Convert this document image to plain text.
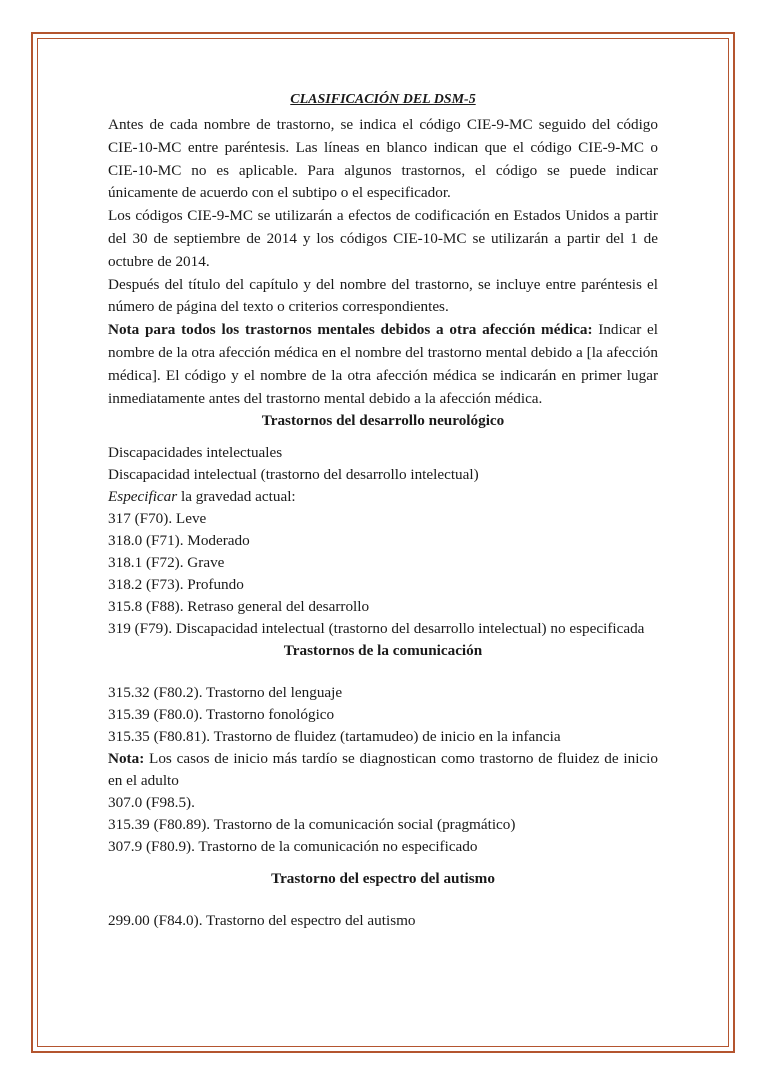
CLASIFICACIÓN DEL DSM-5

Antes de cada nombre de trastorno, se indica el código CIE-9-MC seguido del código CIE-10-MC entre paréntesis. Las líneas en blanco indican que el código CIE-9-MC o CIE-10-MC no es aplicable. Para algunos trastornos, el código se puede indicar únicamente de acuerdo con el subtipo o el especificador.

Los códigos CIE-9-MC se utilizarán a efectos de codificación en Estados Unidos a partir del 30 de septiembre de 2014 y los códigos CIE-10-MC se utilizarán a partir del 1 de octubre de 2014.

Después del título del capítulo y del nombre del trastorno, se incluye entre paréntesis el número de página del texto o criterios correspondientes.

Nota para todos los trastornos mentales debidos a otra afección médica: Indicar el nombre de la otra afección médica en el nombre del trastorno mental debido a [la afección médica]. El código y el nombre de la otra afección médica se indicarán en primer lugar inmediatamente antes del trastorno mental debido a la afección médica.

Trastornos del desarrollo neurológico

Discapacidades intelectuales

Discapacidad intelectual (trastorno del desarrollo intelectual)

Especificar la gravedad actual:

317 (F70). Leve

318.0 (F71). Moderado

318.1 (F72). Grave

318.2 (F73). Profundo

315.8 (F88). Retraso general del desarrollo

319 (F79). Discapacidad intelectual (trastorno del desarrollo intelectual) no especificada

Trastornos de la comunicación

315.32 (F80.2). Trastorno del lenguaje

315.39 (F80.0). Trastorno fonológico

315.35 (F80.81). Trastorno de fluidez (tartamudeo) de inicio en la infancia

Nota: Los casos de inicio más tardío se diagnostican como trastorno de fluidez de inicio en el adulto

307.0 (F98.5).

315.39 (F80.89). Trastorno de la comunicación social (pragmático)

307.9 (F80.9). Trastorno de la comunicación no especificado

Trastorno del espectro del autismo

299.00 (F84.0). Trastorno del espectro del autismo
